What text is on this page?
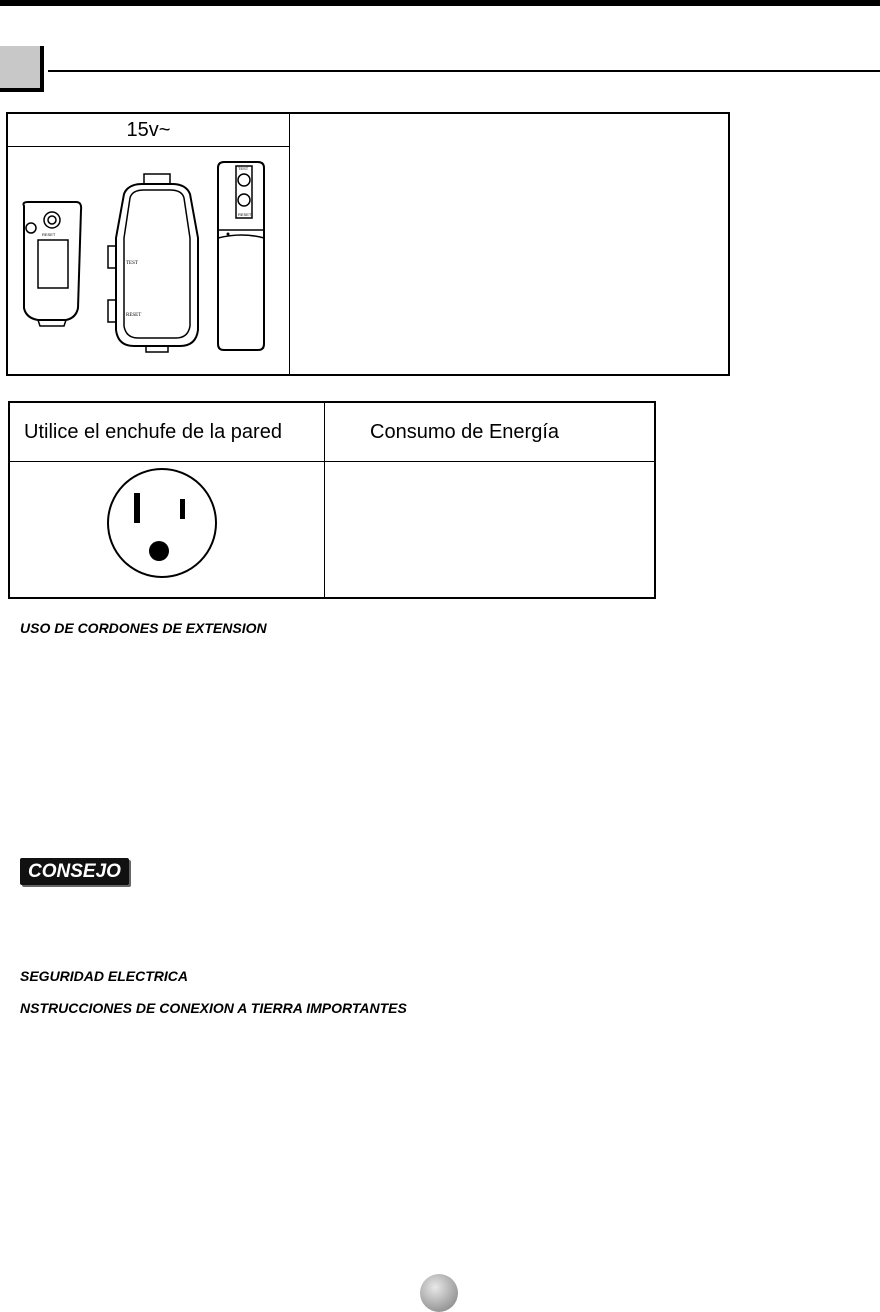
15v~
RESET
TEST
RESET
TEST
RESET
Utilice el enchufe de la pared	Consumo de Energía
USO DE CORDONES DE EXTENSION
CONSEJO
SEGURIDAD ELECTRICA
NSTRUCCIONES DE CONEXION A TIERRA IMPORTANTES
